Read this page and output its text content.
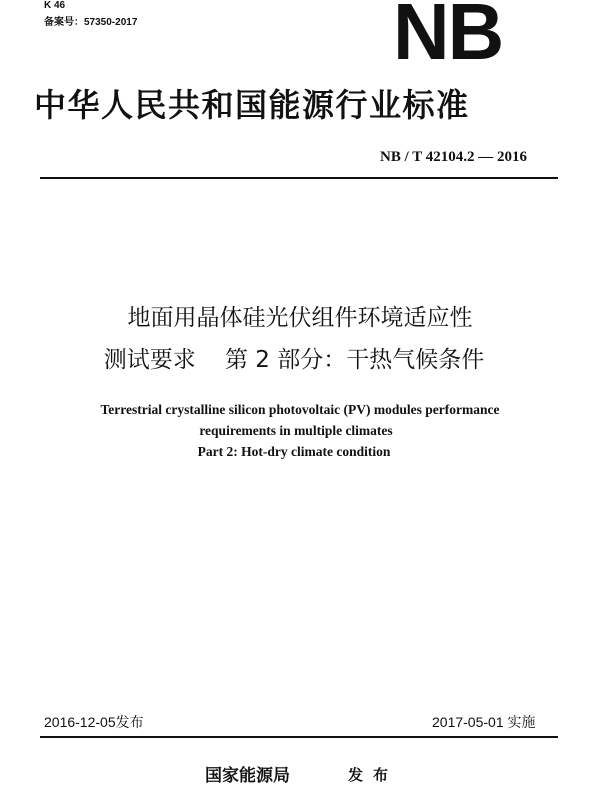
K 46
备案号：57350-2017	NB
中华人民共和国能源行业标准
NB / T 42104.2 — 2016
地面用晶体硅光伏组件环境适应性
测试要求    第 2 部分：干热气候条件
Terrestrial crystalline silicon photovoltaic (PV) modules performance
requirements in multiple climates
Part 2: Hot-dry climate condition
2016-12-05发布	2017-05-01 实施
国家能源局	发布
